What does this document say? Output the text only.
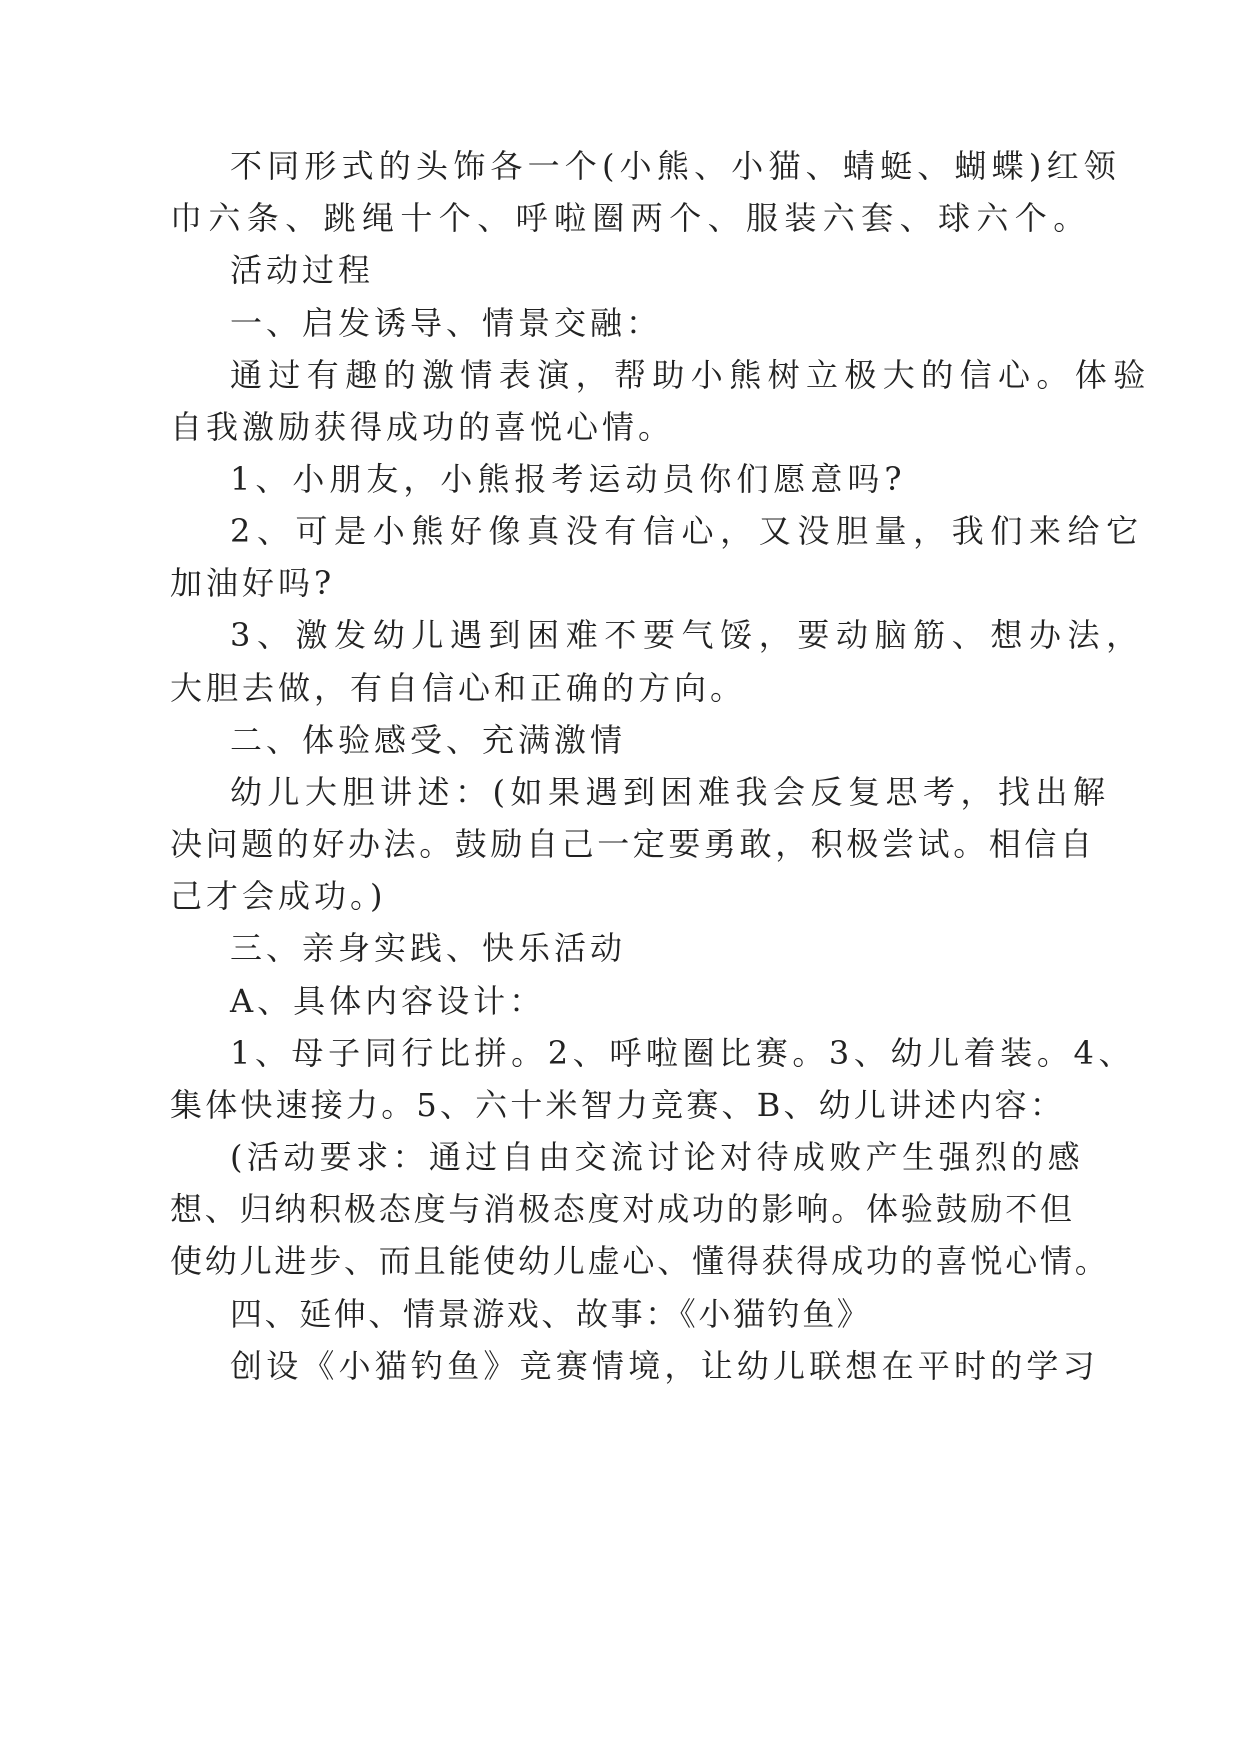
不同形式的头饰各一个(小熊、小猫、蜻蜓、蝴蝶)红领
巾六条、跳绳十个、呼啦圈两个、服装六套、球六个。
活动过程
一、启发诱导、情景交融：
通过有趣的激情表演，帮助小熊树立极大的信心。体验
自我激励获得成功的喜悦心情。
1、小朋友，小熊报考运动员你们愿意吗?
2、可是小熊好像真没有信心，又没胆量，我们来给它
加油好吗?
3、激发幼儿遇到困难不要气馁，要动脑筋、想办法，
大胆去做，有自信心和正确的方向。
二、体验感受、充满激情
幼儿大胆讲述：(如果遇到困难我会反复思考，找出解
决问题的好办法。鼓励自己一定要勇敢，积极尝试。相信自
己才会成功。)
三、亲身实践、快乐活动
A、具体内容设计：
1、母子同行比拼。2、呼啦圈比赛。3、幼儿着装。4、
集体快速接力。5、六十米智力竞赛、B、幼儿讲述内容：
(活动要求：通过自由交流讨论对待成败产生强烈的感
想、归纳积极态度与消极态度对成功的影响。体验鼓励不但
使幼儿进步、而且能使幼儿虚心、懂得获得成功的喜悦心情。
四、延伸、情景游戏、故事：《小猫钓鱼》
创设《小猫钓鱼》竞赛情境，让幼儿联想在平时的学习
